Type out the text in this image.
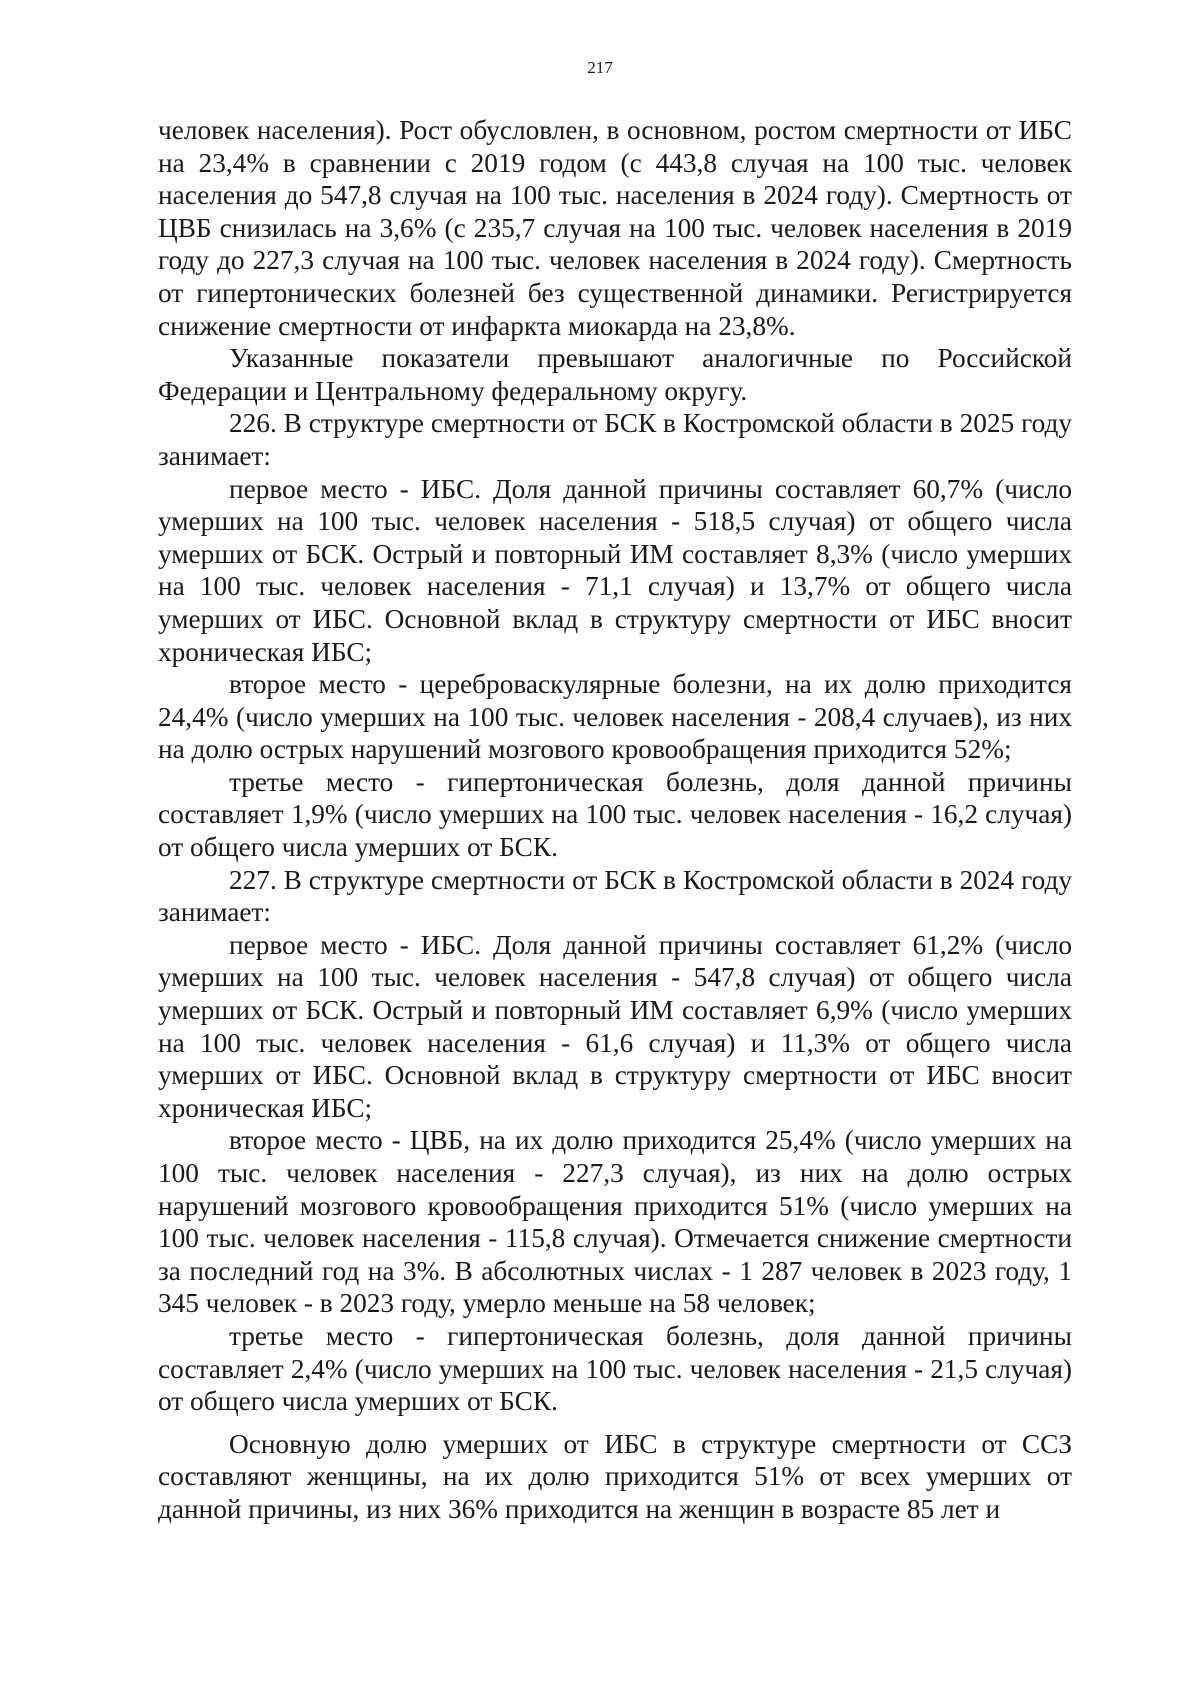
217

человек населения). Рост обусловлен, в основном, ростом смертности от ИБС на 23,4% в сравнении с 2019 годом (с 443,8 случая на 100 тыс. человек населения до 547,8 случая на 100 тыс. населения в 2024 году). Смертность от ЦВБ снизилась на 3,6% (с 235,7 случая на 100 тыс. человек населения в 2019 году до 227,3 случая на 100 тыс. человек населения в 2024 году). Смертность от гипертонических болезней без существенной динамики. Регистрируется снижение смертности от инфаркта миокарда на 23,8%.

Указанные показатели превышают аналогичные по Российской Федерации и Центральному федеральному округу.

226. В структуре смертности от БСК в Костромской области в 2025 году занимает:

первое место - ИБС. Доля данной причины составляет 60,7% (число умерших на 100 тыс. человек населения - 518,5 случая) от общего числа умерших от БСК. Острый и повторный ИМ составляет 8,3% (число умерших на 100 тыс. человек населения - 71,1 случая) и 13,7% от общего числа умерших от ИБС. Основной вклад в структуру смертности от ИБС вносит хроническая ИБС;

второе место - цереброваскулярные болезни, на их долю приходится 24,4% (число умерших на 100 тыс. человек населения - 208,4 случаев), из них на долю острых нарушений мозгового кровообращения приходится 52%;

третье место - гипертоническая болезнь, доля данной причины составляет 1,9% (число умерших на 100 тыс. человек населения - 16,2 случая) от общего числа умерших от БСК.

227. В структуре смертности от БСК в Костромской области в 2024 году занимает:

первое место - ИБС. Доля данной причины составляет 61,2% (число умерших на 100 тыс. человек населения - 547,8 случая) от общего числа умерших от БСК. Острый и повторный ИМ составляет 6,9% (число умерших на 100 тыс. человек населения - 61,6 случая) и 11,3% от общего числа умерших от ИБС. Основной вклад в структуру смертности от ИБС вносит хроническая ИБС;

второе место - ЦВБ, на их долю приходится 25,4% (число умерших на 100 тыс. человек населения - 227,3 случая), из них на долю острых нарушений мозгового кровообращения приходится 51% (число умерших на 100 тыс. человек населения - 115,8 случая). Отмечается снижение смертности за последний год на 3%. В абсолютных числах - 1 287 человек в 2023 году, 1 345 человек - в 2023 году, умерло меньше на 58 человек;

третье место - гипертоническая болезнь, доля данной причины составляет 2,4% (число умерших на 100 тыс. человек населения - 21,5 случая) от общего числа умерших от БСК.

Основную долю умерших от ИБС в структуре смертности от ССЗ составляют женщины, на их долю приходится 51% от всех умерших от данной причины, из них 36% приходится на женщин в возрасте 85 лет и
